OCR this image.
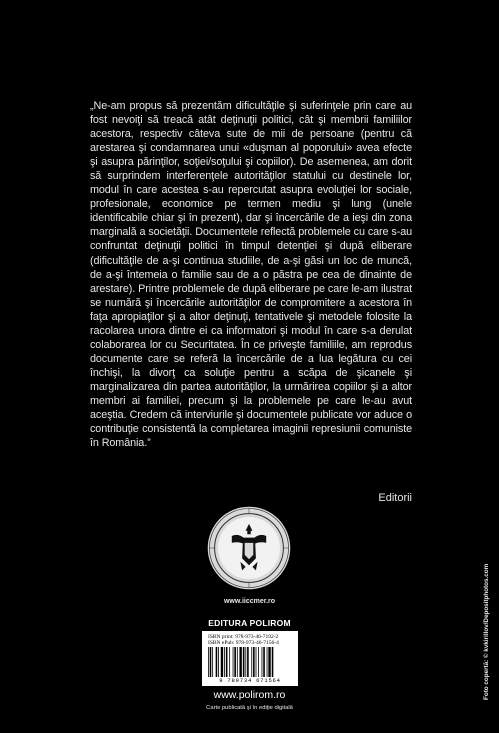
„Ne-am propus să prezentăm dificultăţile şi suferinţele prin care au fost nevoiţi să treacă atât deţinuţii politici, cât şi membrii familiilor acestora, respectiv câteva sute de mii de persoane (pentru că arestarea şi condamnarea unui «duşman al poporului» avea efecte şi asupra părinţilor, soţiei/soţului şi copiilor). De asemenea, am dorit să surprindem interferenţele autorităţilor statului cu destinele lor, modul în care acestea s-au repercutat asupra evoluţiei lor sociale, profesionale, economice pe termen mediu şi lung (unele identificabile chiar şi în prezent), dar şi încercările de a ieşi din zona marginală a societăţii. Documentele reflectă problemele cu care s-au confruntat deţinuţii politici în timpul detenţiei şi după eliberare (dificultăţile de a-şi continua studiile, de a-şi găsi un loc de muncă, de a-şi întemeia o familie sau de a o păstra pe cea de dinainte de arestare). Printre problemele de după eliberare pe care le-am ilustrat se numără şi încercările autorităţilor de compromitere a acestora în faţa apropiaţilor şi a altor deţinuţi, tentativele şi metodele folosite la racolarea unora dintre ei ca informatori şi modul în care s-a derulat colaborarea lor cu Securitatea. În ce priveşte familiile, am reprodus documente care se referă la încercările de a lua legătura cu cei închişi, la divorţ ca soluţie pentru a scăpa de şicanele şi marginalizarea din partea autorităţilor, la urmărirea copiilor şi a altor membri ai familiei, precum şi la problemele pe care le-au avut aceştia. Credem că interviurile şi documentele publicate vor aduce o contribuţie consistentă la completarea imaginii represiunii comuniste în România.”

Editorii
www.iiccmer.ro
EDITURA POLIROM
ISBN print: 978-973-46-7192-2
ISBN ePub: 978-973-46-7156-4
9 789734 671564
www.polirom.ro
Carte publicată şi în ediţie digitală
Foto copertă: © kvkirillov/Depositphotos.com
